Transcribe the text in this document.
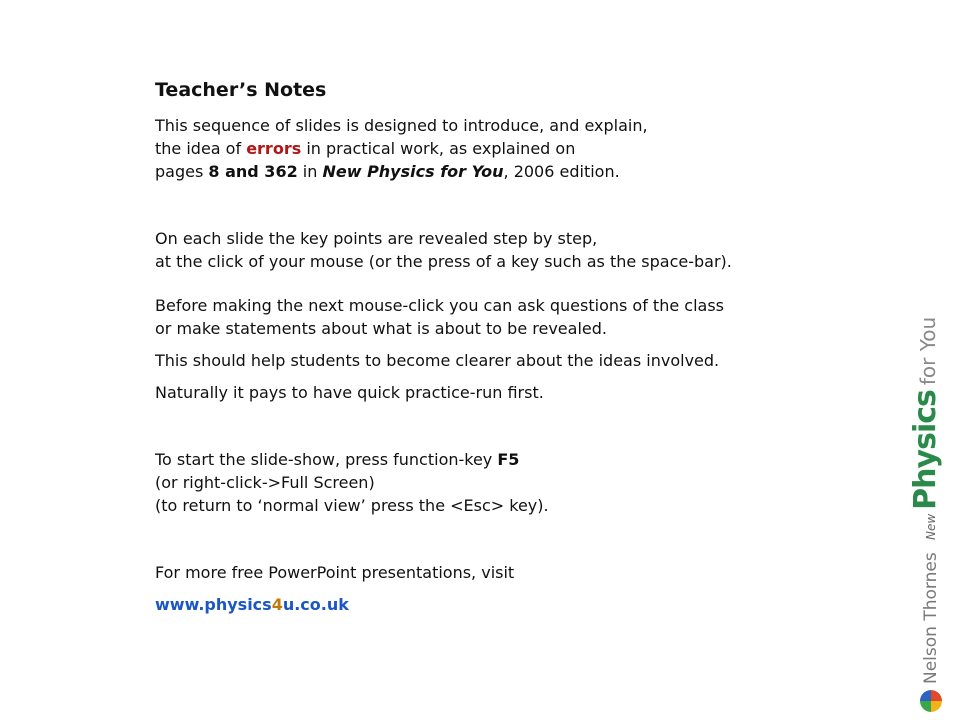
Teacher’s Notes

This sequence of slides is designed to introduce, and explain,
the idea of errors in practical work, as explained on
pages 8 and 362 in New Physics for You, 2006 edition.

On each slide the key points are revealed step by step,
at the click of your mouse (or the press of a key such as the space-bar).

Before making the next mouse-click you can ask questions of the class
or make statements about what is about to be revealed.

This should help students to become clearer about the ideas involved.

Naturally it pays to have quick practice-run first.

To start the slide-show, press function-key F5
(or right-click->Full Screen)
(to return to ‘normal view’ press the <Esc> key).

For more free PowerPoint presentations, visit

www.physics4u.co.uk
NewPhysicsfor You
Nelson Thornes
